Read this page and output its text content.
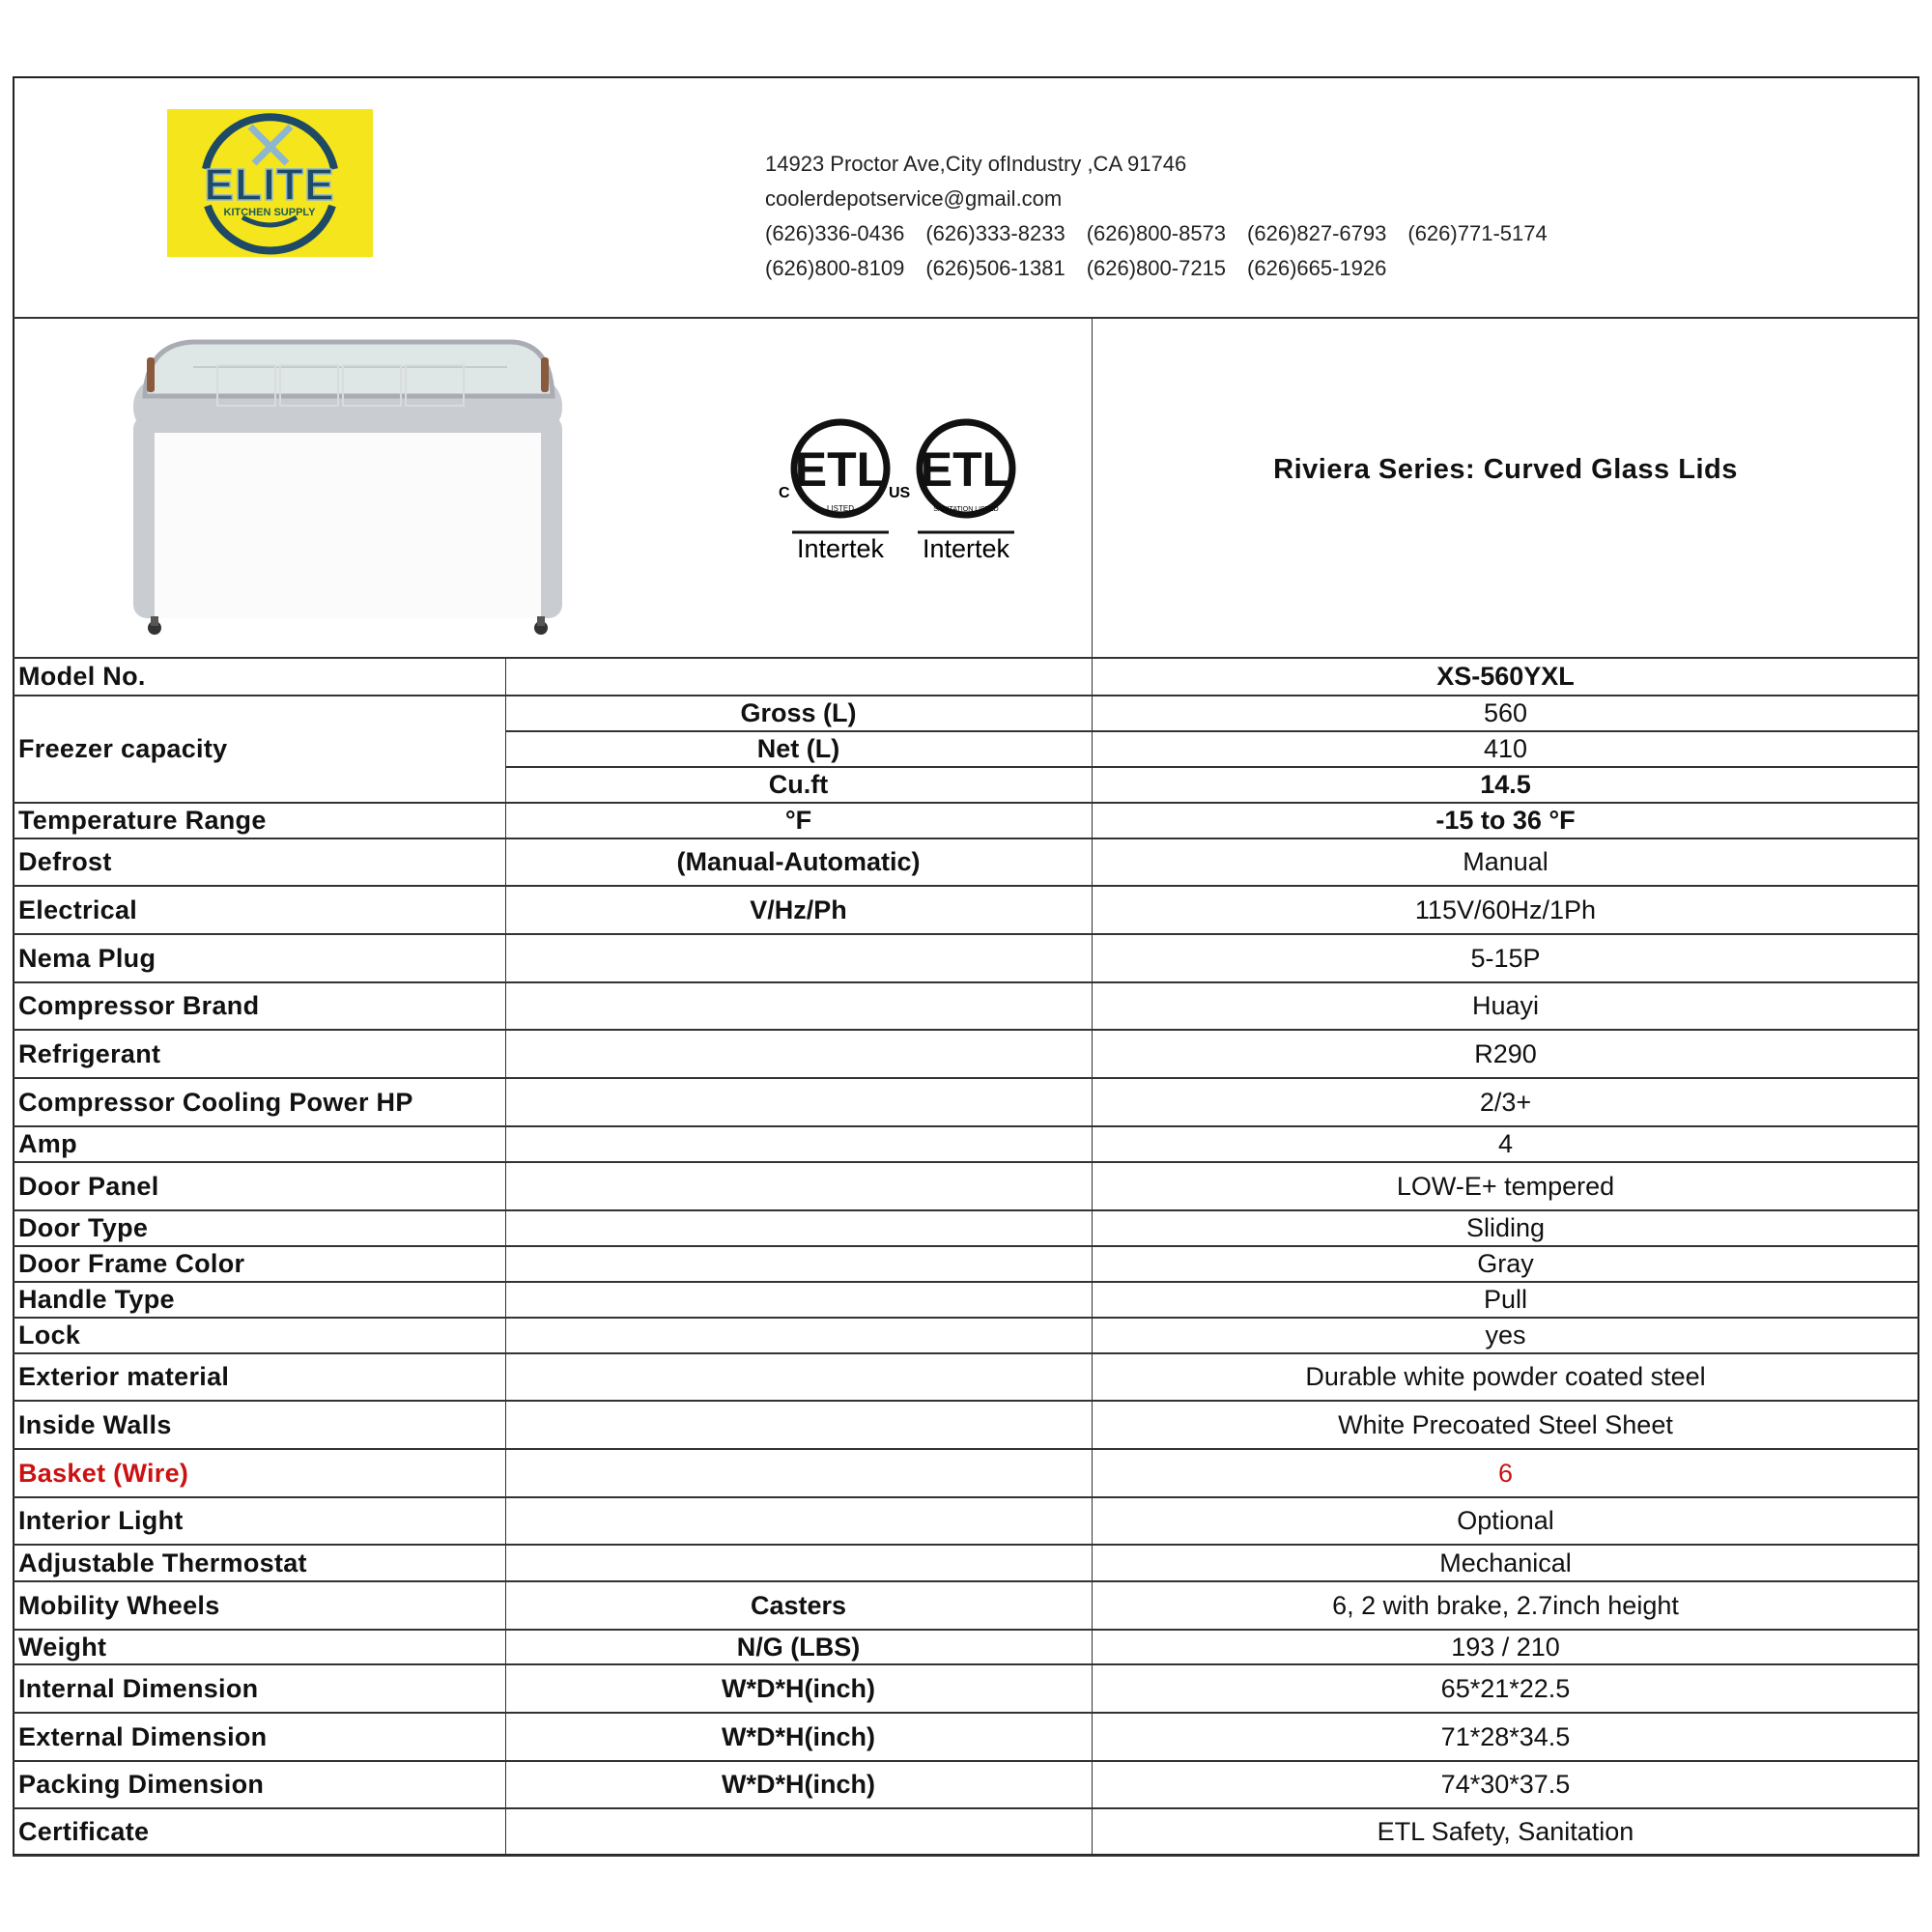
ELITE
KITCHEN SUPPLY
14923 Proctor Ave,City ofIndustry ,CA 91746
coolerdepotservice@gmail.com
(626)336-0436 (626)333-8233 (626)800-8573 (626)827-6793 (626)771-5174
(626)800-8109 (626)506-1381 (626)800-7215 (626)665-1926
ETL
C	US
LISTED
Intertek
ETL
SANITATION LISTED
Intertek
Riviera Series: Curved Glass Lids
Model No.	XS-560YXL
Freezer capacity
Gross (L)	560
Net (L)	410
Cu.ft	14.5
Temperature Range	°F	-15 to 36 °F
Defrost	(Manual-Automatic)	Manual
Electrical	V/Hz/Ph	115V/60Hz/1Ph
Nema Plug	5-15P
Compressor Brand	Huayi
Refrigerant	R290
Compressor Cooling Power HP	2/3+
Amp	4
Door Panel	LOW-E+ tempered
Door Type	Sliding
Door Frame Color	Gray
Handle Type	Pull
Lock	yes
Exterior material	Durable white powder coated steel
Inside Walls	White Precoated Steel Sheet
Basket (Wire)	6
Interior Light	Optional
Adjustable Thermostat	Mechanical
Mobility Wheels	Casters	6, 2 with brake, 2.7inch height
Weight	N/G (LBS)	193 / 210
Internal Dimension	W*D*H(inch)	65*21*22.5
External Dimension	W*D*H(inch)	71*28*34.5
Packing Dimension	W*D*H(inch)	74*30*37.5
Certificate	ETL Safety, Sanitation
